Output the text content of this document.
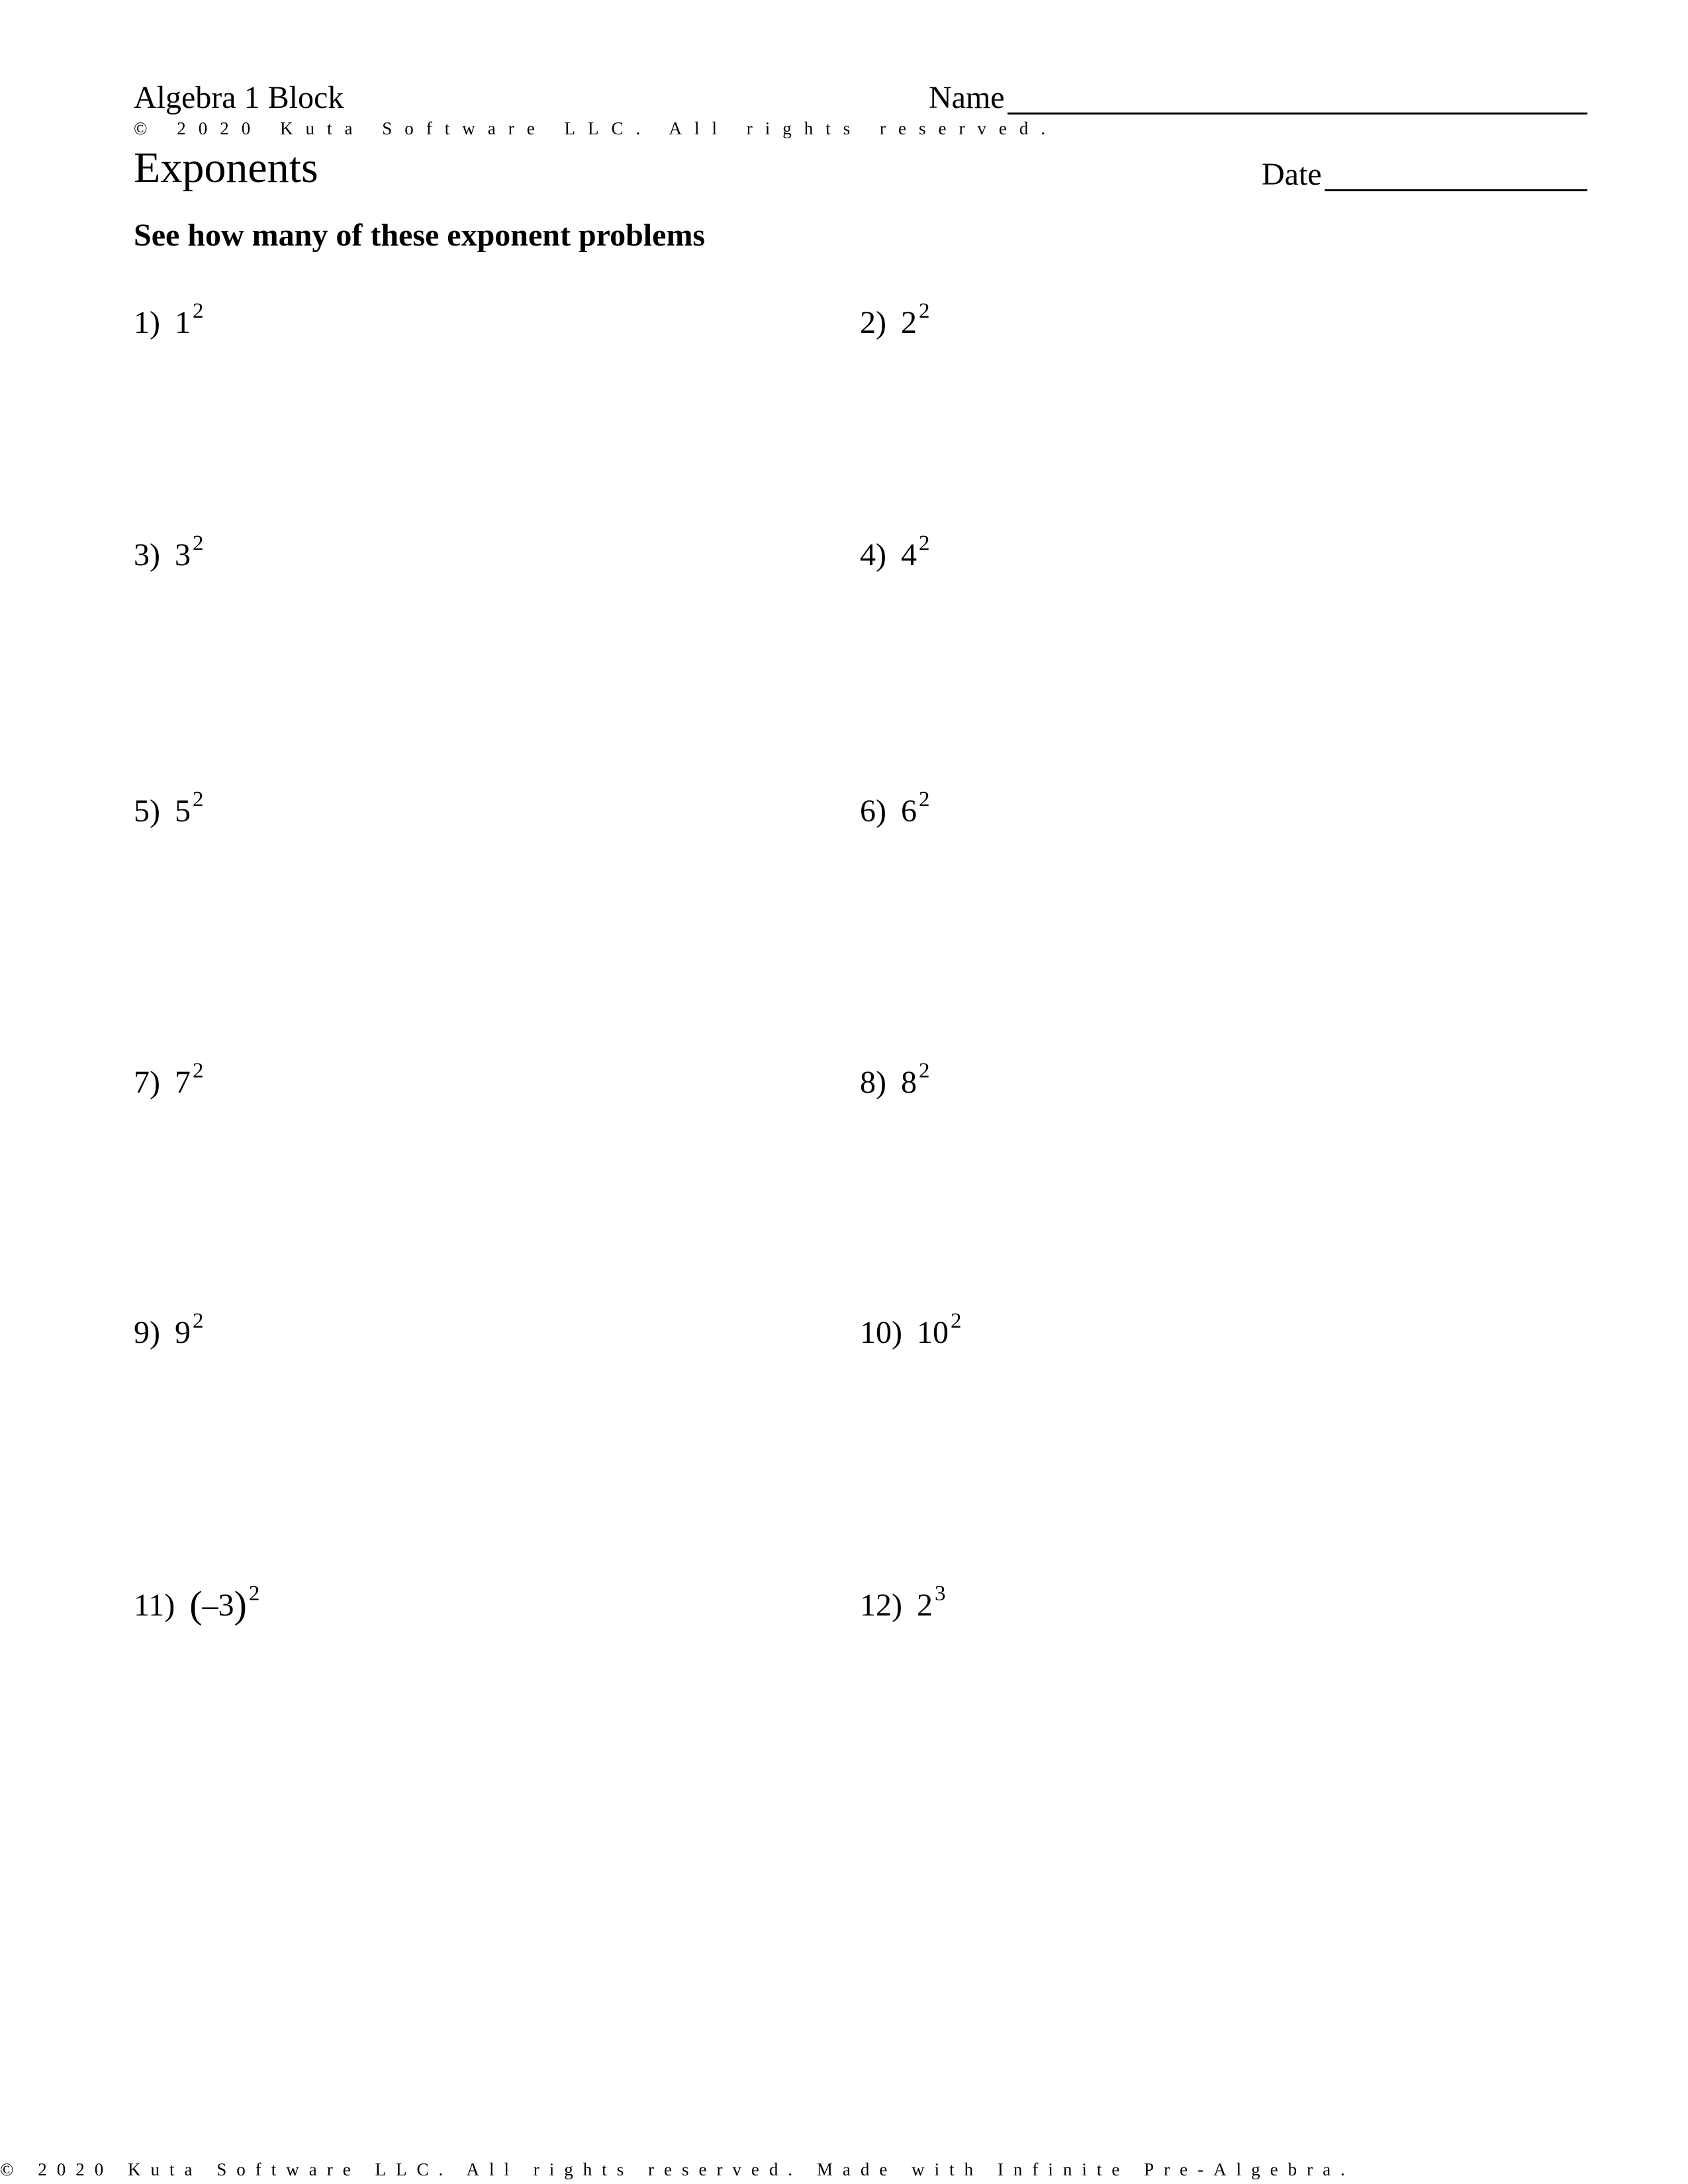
Algebra 1 Block	Name
© 2020 Kuta Software LLC. All rights reserved.
Exponents	Date
See how many of these exponent problems
1) 12	2) 22
3) 32	4) 42
5) 52	6) 62
7) 72	8) 82
9) 92	10) 102
11) (–3)2	12) 23
© 2020 Kuta Software LLC. All rights reserved. Made with Infinite Pre-Algebra.
